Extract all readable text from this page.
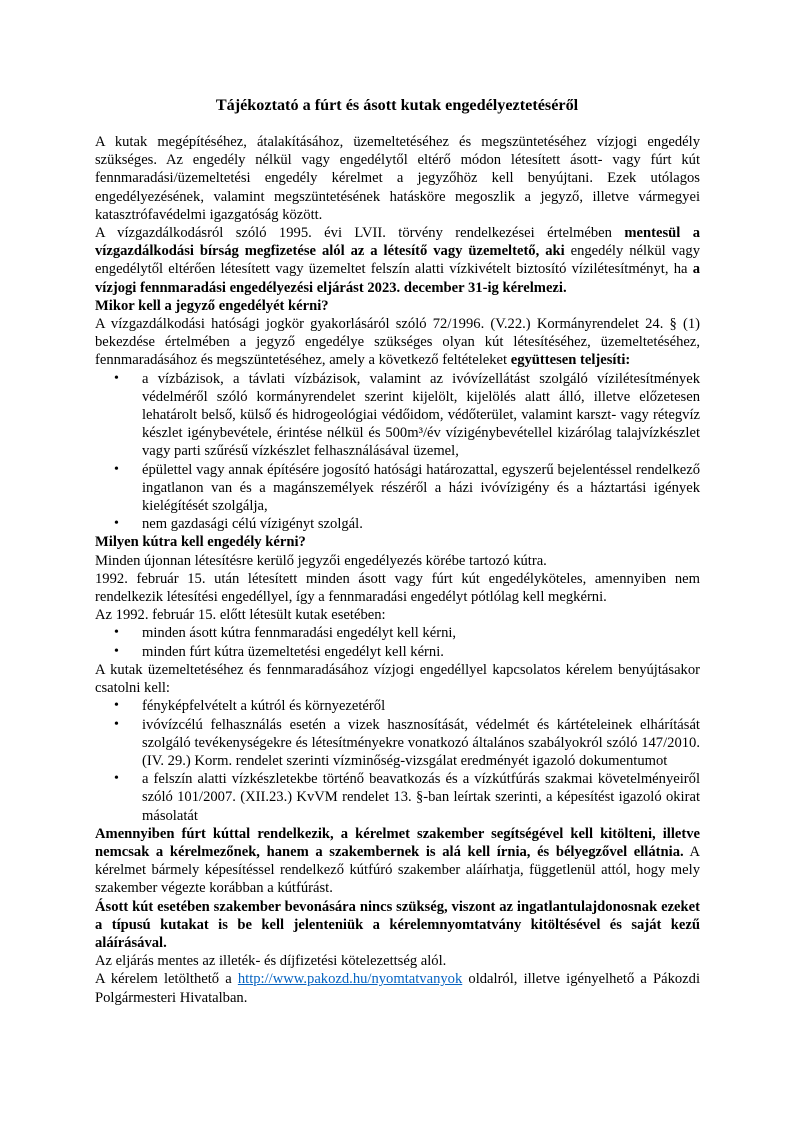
Tájékoztató a fúrt és ásott kutak engedélyeztetéséről

A kutak megépítéséhez, átalakításához, üzemeltetéséhez és megszüntetéséhez vízjogi engedély szükséges. Az engedély nélkül vagy engedélytől eltérő módon létesített ásott- vagy fúrt kút fennmaradási/üzemeltetési engedély kérelmet a jegyzőhöz kell benyújtani. Ezek utólagos engedélyezésének, valamint megszüntetésének hatásköre megoszlik a jegyző, illetve vármegyei katasztrófavédelmi igazgatóság között.

A vízgazdálkodásról szóló 1995. évi LVII. törvény rendelkezései értelmében mentesül a vízgazdálkodási bírság megfizetése alól az a létesítő vagy üzemeltető, aki engedély nélkül vagy engedélytől eltérően létesített vagy üzemeltet felszín alatti vízkivételt biztosító vízilétesítményt, ha a vízjogi fennmaradási engedélyezési eljárást 2023. december 31-ig kérelmezi.

Mikor kell a jegyző engedélyét kérni?

A vízgazdálkodási hatósági jogkör gyakorlásáról szóló 72/1996. (V.22.) Kormányrendelet 24. § (1) bekezdése értelmében a jegyző engedélye szükséges olyan kút létesítéséhez, üzemeltetéséhez, fennmaradásához és megszüntetéséhez, amely a következő feltételeket együttesen teljesíti:

• a vízbázisok, a távlati vízbázisok, valamint az ivóvízellátást szolgáló vízilétesítmények védelméről szóló kormányrendelet szerint kijelölt, kijelölés alatt álló, illetve előzetesen lehatárolt belső, külső és hidrogeológiai védőidom, védőterület, valamint karszt- vagy rétegvíz készlet igénybevétele, érintése nélkül és 500m³/év vízigénybevétellel kizárólag talajvízkészlet vagy parti szűrésű vízkészlet felhasználásával üzemel,
• épülettel vagy annak építésére jogosító hatósági határozattal, egyszerű bejelentéssel rendelkező ingatlanon van és a magánszemélyek részéről a házi ivóvízigény és a háztartási igények kielégítését szolgálja,
• nem gazdasági célú vízigényt szolgál.

Milyen kútra kell engedély kérni?

Minden újonnan létesítésre kerülő jegyzői engedélyezés körébe tartozó kútra.

1992. február 15. után létesített minden ásott vagy fúrt kút engedélyköteles, amennyiben nem rendelkezik létesítési engedéllyel, így a fennmaradási engedélyt pótlólag kell megkérni.

Az 1992. február 15. előtt létesült kutak esetében:

• minden ásott kútra fennmaradási engedélyt kell kérni,
• minden fúrt kútra üzemeltetési engedélyt kell kérni.

A kutak üzemeltetéséhez és fennmaradásához vízjogi engedéllyel kapcsolatos kérelem benyújtásakor csatolni kell:

• fényképfelvételt a kútról és környezetéről
• ivóvízcélú felhasználás esetén a vizek hasznosítását, védelmét és kártételeinek elhárítását szolgáló tevékenységekre és létesítményekre vonatkozó általános szabályokról szóló 147/2010. (IV. 29.) Korm. rendelet szerinti vízminőség-vizsgálat eredményét igazoló dokumentumot
• a felszín alatti vízkészletekbe történő beavatkozás és a vízkútfúrás szakmai követelményeiről szóló 101/2007. (XII.23.) KvVM rendelet 13. §-ban leírtak szerinti, a képesítést igazoló okirat másolatát

Amennyiben fúrt kúttal rendelkezik, a kérelmet szakember segítségével kell kitölteni, illetve nemcsak a kérelmezőnek, hanem a szakembernek is alá kell írnia, és bélyegzővel ellátnia. A kérelmet bármely képesítéssel rendelkező kútfúró szakember aláírhatja, függetlenül attól, hogy mely szakember végezte korábban a kútfúrást.

Ásott kút esetében szakember bevonására nincs szükség, viszont az ingatlantulajdonosnak ezeket a típusú kutakat is be kell jelenteniük a kérelemnyomtatvány kitöltésével és saját kezű aláírásával.

Az eljárás mentes az illeték- és díjfizetési kötelezettség alól.

A kérelem letölthető a http://www.pakozd.hu/nyomtatvanyok oldalról, illetve igényelhető a Pákozdi Polgármesteri Hivatalban.
